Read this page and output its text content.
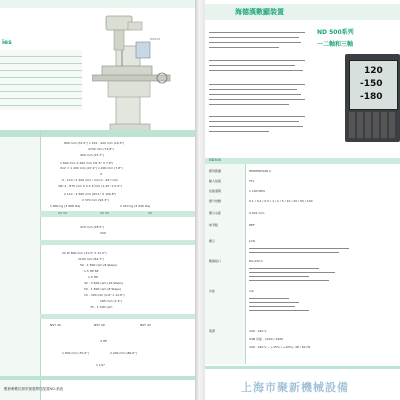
ies	H0034
800 mm (31.5") x 152 - 420 mm (16.5")
4700 mm (74.8")
400 mm (15.7")
1 600 mm X 200 mm (31.5" X 7.8")
X12 = 1 200 mm (47.2") x 200 mm (7.8")
4
0 - 110 / 2 400 mm / min 0 - 94"/ min
3#/ 4 - 875 mm X 4 X 4 mm (1.25" X 0.5")
2 110 - 2 560 mm (83.1" X 100.8")
2 370 mm (93.3")
1 800 kg (3 968 lbs)	2 010 kg (4 430 lbs)
2U VS	2U VS	2U
470 mm (18.5")
200
22 W 800 mm (31.5" X 31.5")
2100 mm (82.7")
50 - 1 800 rpm (8 Steps)
1.5 HP 6P
1.5 HP
42 - 3 600 rpm (16 Steps)
50 - 1 800 rpm (8 Steps)
15 - 320 mm (0.6" x 12.6")
185 mm (7.3")
75 - 1 300 rpm
NST 40	NST 40	NST 40
4 HP
1 800 mm (70.9")	2 200 mm (86.6")
1 1/2"
數據參數依據型號選擇性配置ND-系統
海德漢數顯裝置
ND 500系列
一二軸和三軸
120
-150
-180
ND500
應用範圍	HEIDENHAIN 2
輸入信號	TTL
信號週期	1 100 MHz
細分倍數	0.1 / 0.2 / 0.5 / 1 / 2 / 5 / 10 / 20 / 50 / 100
顯示步距	0.001 mm
參考點	REF
顯示	LCD
數據接口	RS-232-C
功能	1/2
電源	100 - 240 V
USB 功能 · 1200 / 2400
100 - 240 V ~ (-15% / +10%), 48 / 62 Hz
上海市聚新機械設備
